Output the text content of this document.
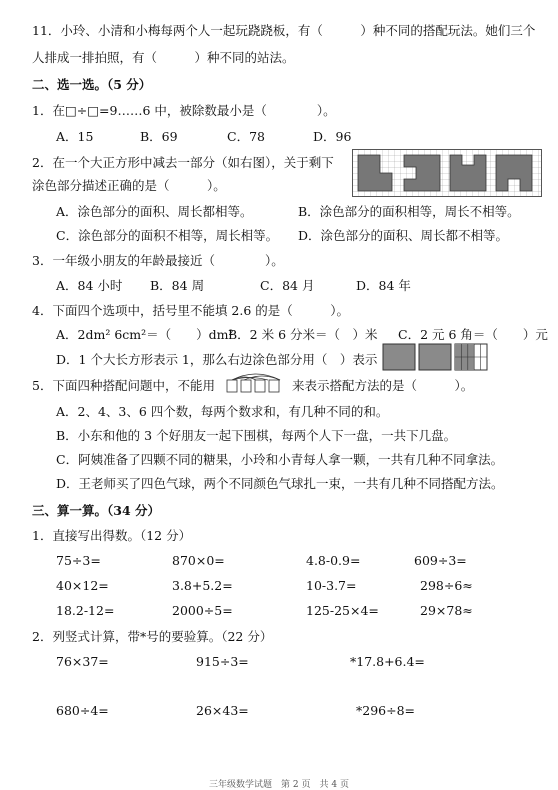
11．小玲、小清和小梅每两个人一起玩跷跷板，有（　　　）种不同的搭配玩法。她们三个
人排成一排拍照，有（　　　）种不同的站法。
二、选一选。（5 分）
1．在□÷□=9……6 中，被除数最小是（　　　　）。
A．15	B．69	C．78	D．96
2．在一个大正方形中减去一部分（如右图），关于剩下
涂色部分描述正确的是（　　　）。
A．涂色部分的面积、周长都相等。	B．涂色部分的面积相等，周长不相等。
C．涂色部分的面积不相等，周长相等。 D．涂色部分的面积、周长都不相等。
3．一年级小朋友的年龄最接近（　　　　）。
A．84 小时 B．84 周	C．84 月	D．84 年
4．下面四个选项中，括号里不能填 2.6 的是（　　　）。
A．2dm² 6cm²＝（　　）dm²
B．2 米 6 分米＝（　）米 C．2 元 6 角＝（　　）元
D．1 个大长方形表示 1，那么右边涂色部分用（　）表示
5．下面四种搭配问题中，不能用	来表示搭配方法的是（　　　）。
A．2、4、3、6 四个数，每两个数求和，有几种不同的和。
B．小东和他的 3 个好朋友一起下围棋，每两个人下一盘，一共下几盘。
C．阿姨准备了四颗不同的糖果，小玲和小青每人拿一颗，一共有几种不同拿法。
D．王老师买了四色气球，两个不同颜色气球扎一束，一共有几种不同搭配方法。
三、算一算。（34 分）
1．直接写出得数。（12 分）
75÷3=	870×0=	4.8-0.9=	609÷3=
40×12=	3.8+5.2=	10-3.7=	298÷6≈
18.2-12=	2000÷5=	125-25×4=	29×78≈
2．列竖式计算，带*号的要验算。（22 分）
76×37=	915÷3=	*17.8+6.4=
680÷4=	26×43=	*296÷8=
三年级数学试题　第 2 页　共 4 页
